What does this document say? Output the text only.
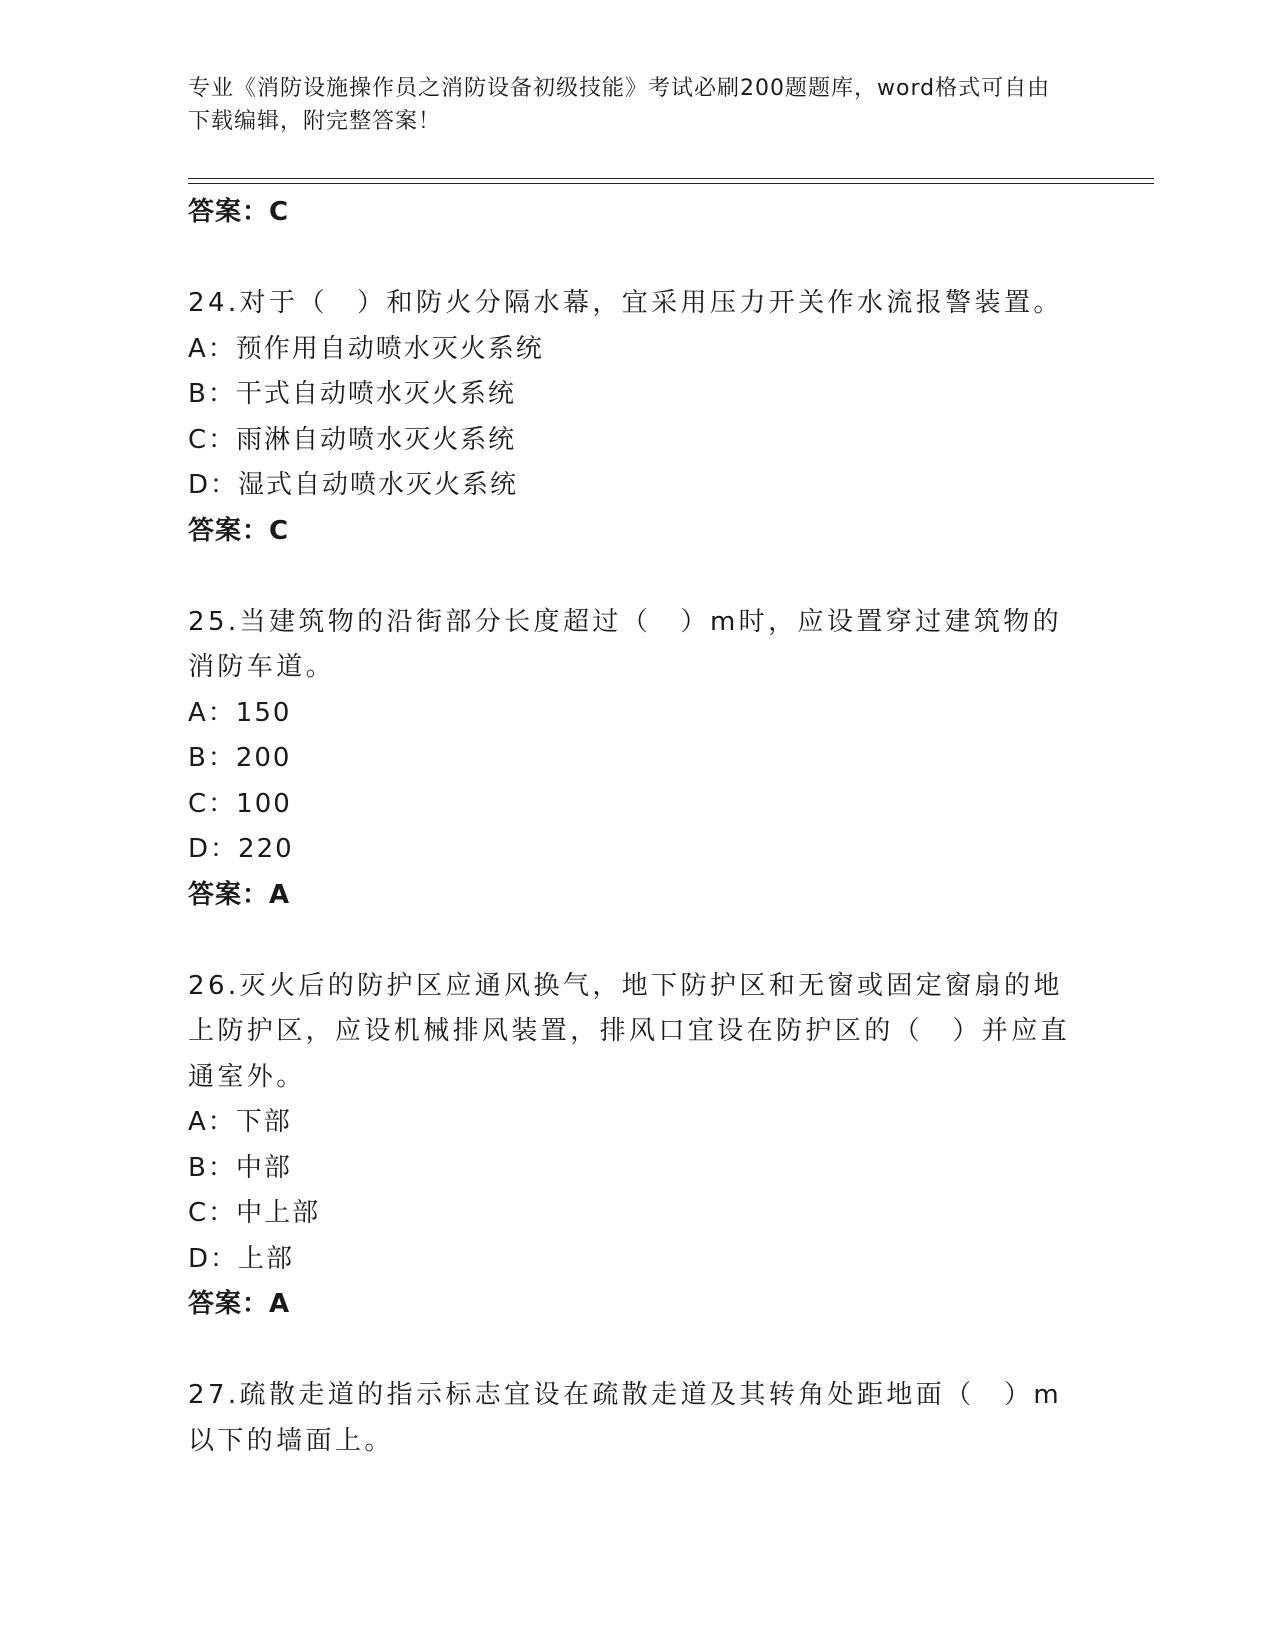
专业《消防设施操作员之消防设备初级技能》考试必刷200题题库，word格式可自由下载编辑，附完整答案！
答案：C
24.对于（　）和防火分隔水幕，宜采用压力开关作水流报警装置。
A：预作用自动喷水灭火系统
B：干式自动喷水灭火系统
C：雨淋自动喷水灭火系统
D：湿式自动喷水灭火系统
答案：C
25.当建筑物的沿街部分长度超过（　）m时，应设置穿过建筑物的消防车道。
A：150
B：200
C：100
D：220
答案：A
26.灭火后的防护区应通风换气，地下防护区和无窗或固定窗扇的地上防护区，应设机械排风装置，排风口宜设在防护区的（　）并应直通室外。
A：下部
B：中部
C：中上部
D：上部
答案：A
27.疏散走道的指示标志宜设在疏散走道及其转角处距地面（　）m以下的墙面上。
